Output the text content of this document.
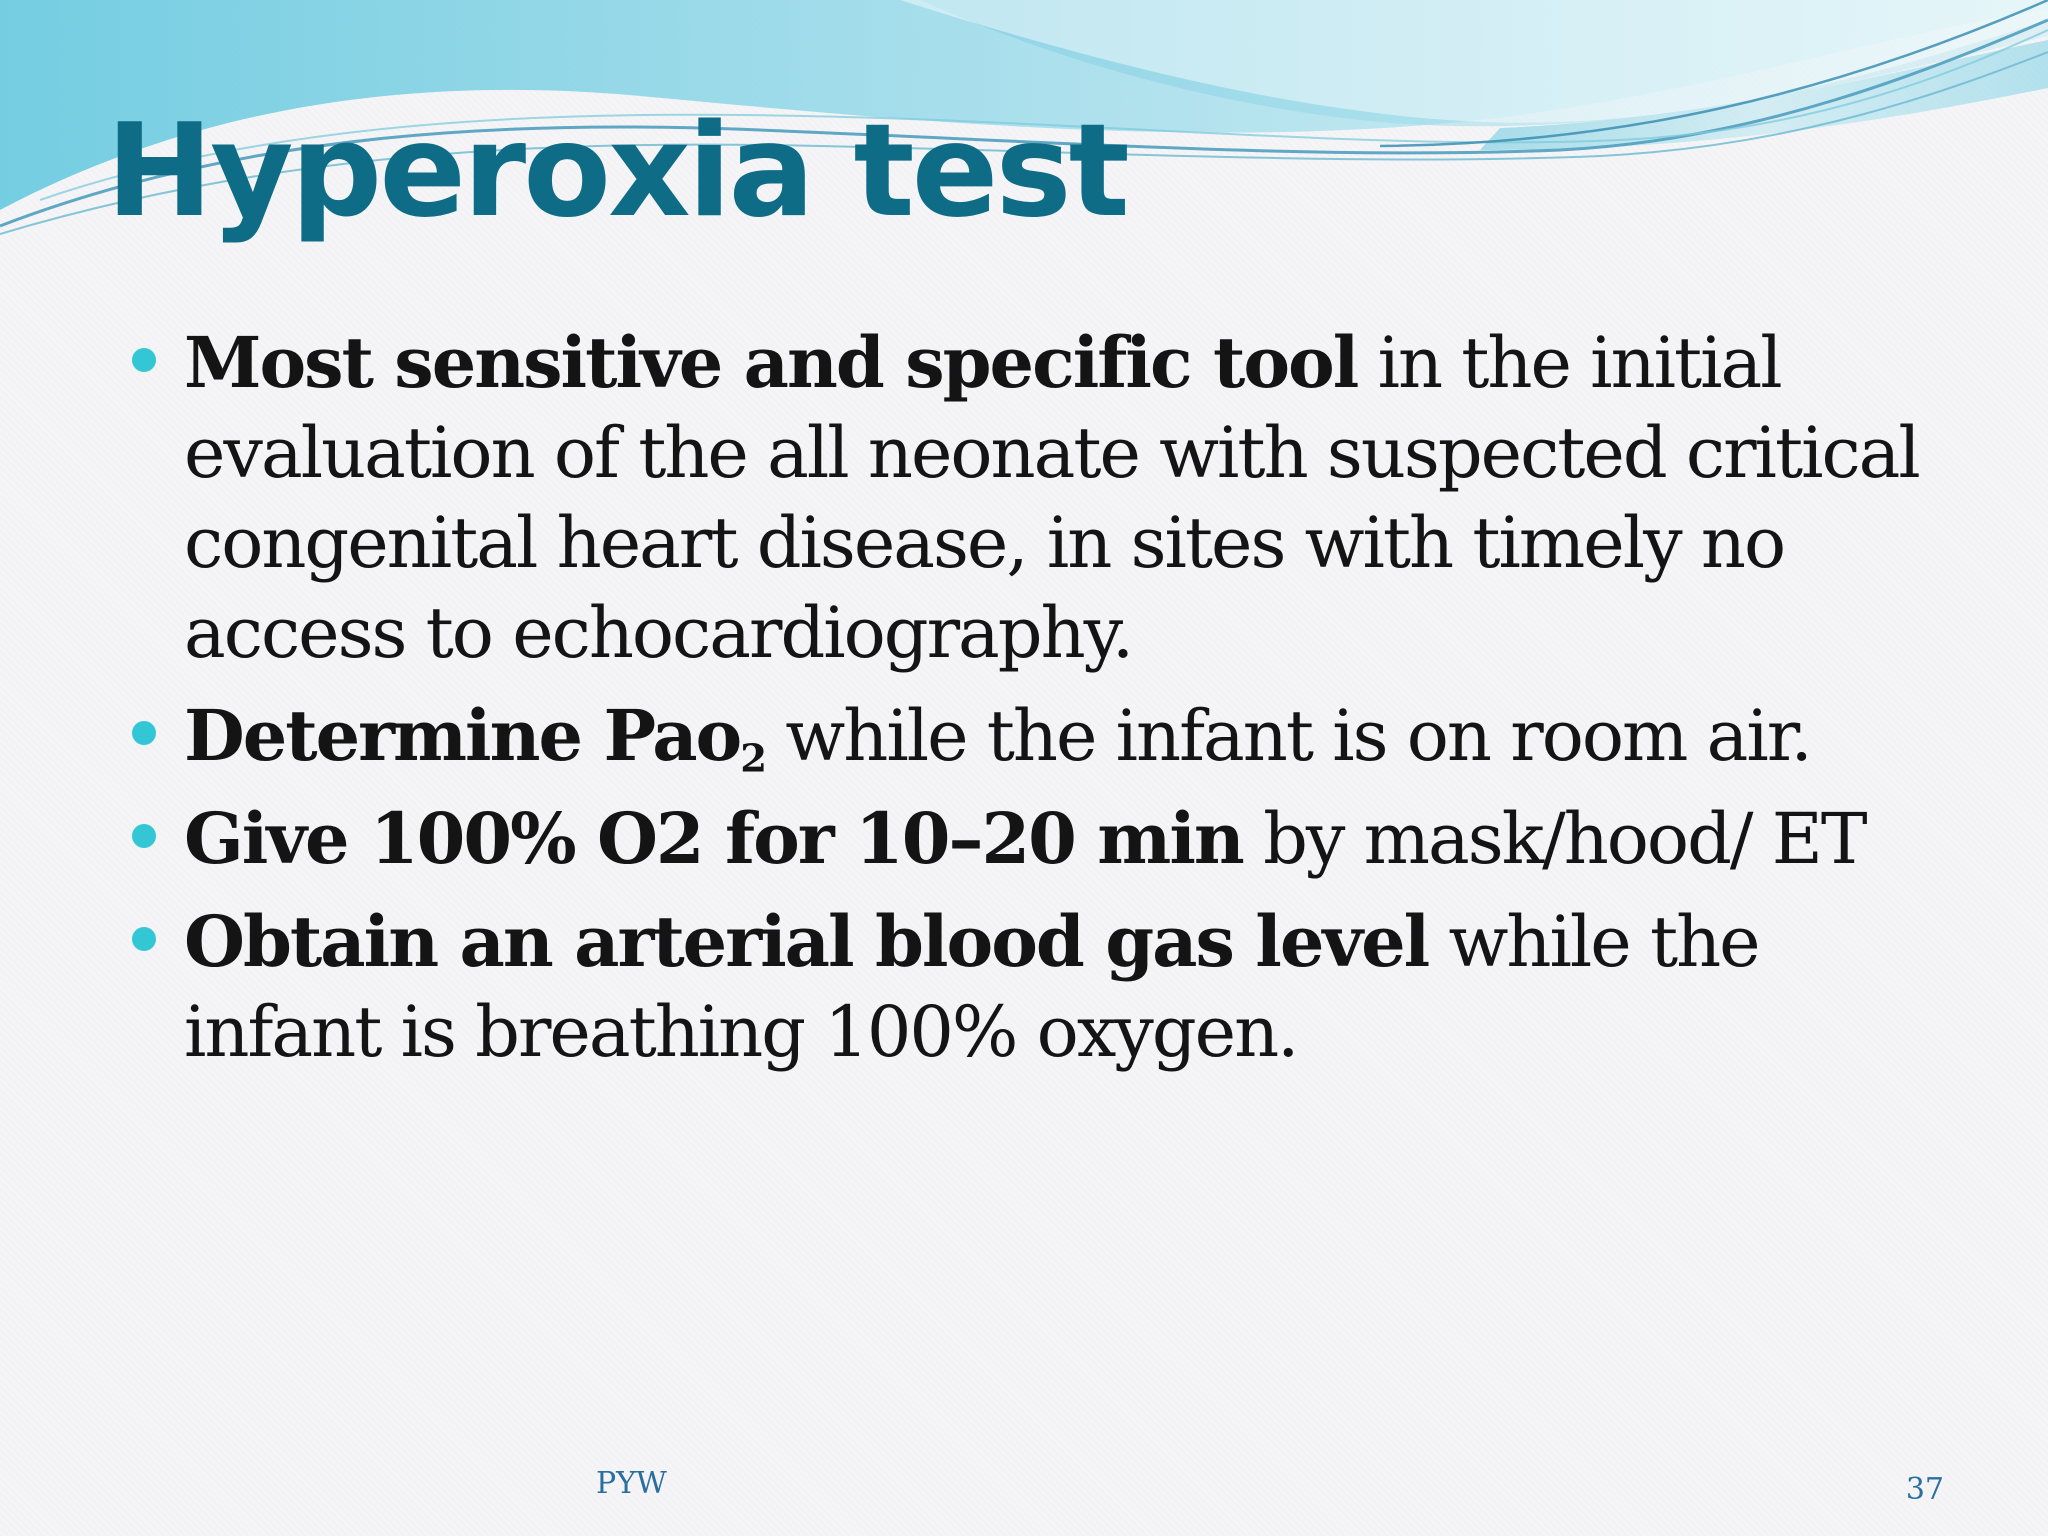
Hyperoxia test
Most sensitive and specific tool in the initial evaluation of the all neonate with suspected critical congenital heart disease, in sites with timely no access to echocardiography.
Determine Pao$_2$ while the infant is on room air.
Give 100% O2 for 10–20 min by mask/hood/ ET
Obtain an arterial blood gas level while the infant is breathing 100% oxygen.
PYW	37
